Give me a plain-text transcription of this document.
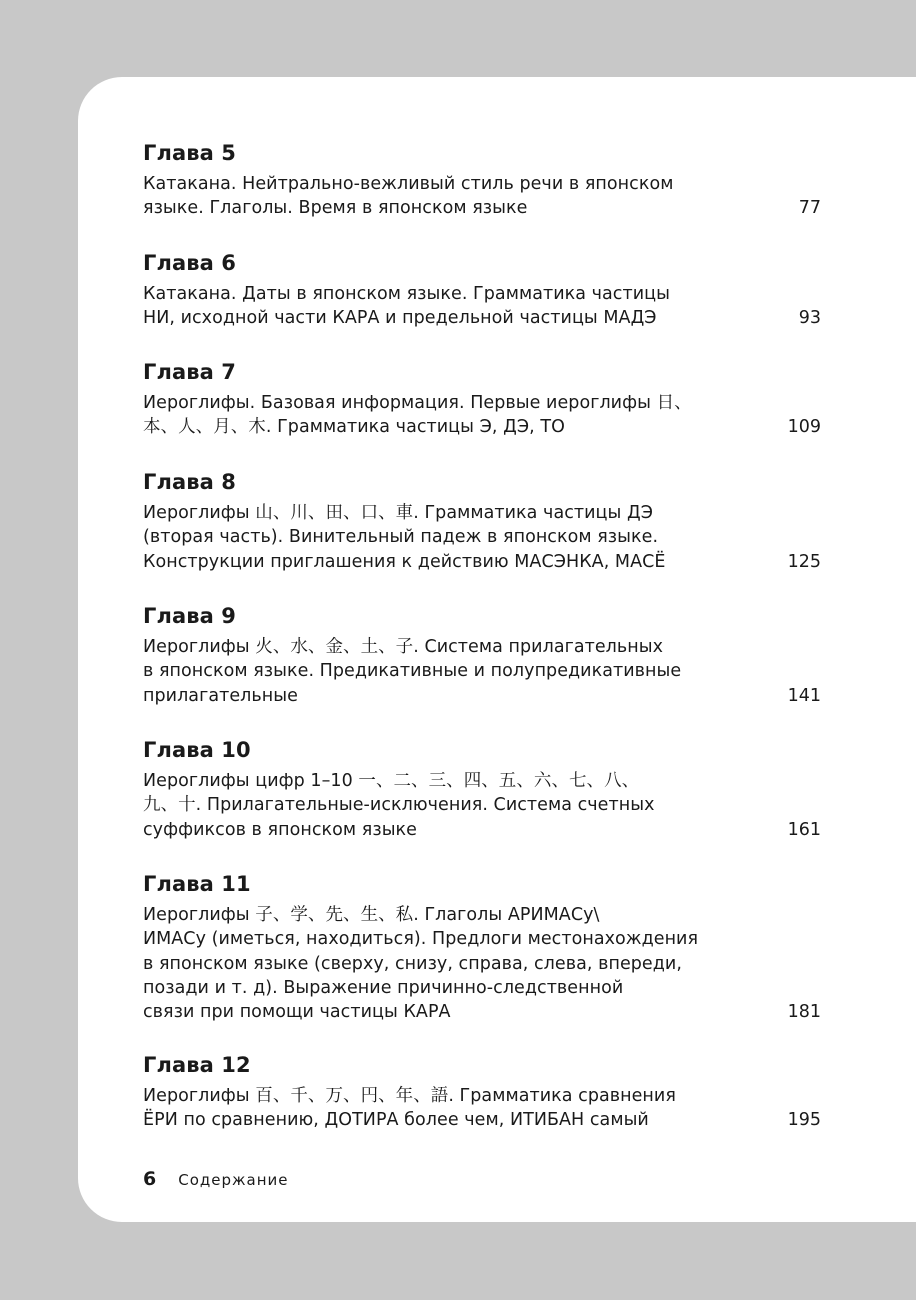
Глава 5
Катакана. Нейтрально-вежливый стиль речи в японском
языке. Глаголы. Время в японском языке	77
Глава 6
Катакана. Даты в японском языке. Грамматика частицы
НИ, исходной части КАРА и предельной частицы МАДЭ	93
Глава 7
Иероглифы. Базовая информация. Первые иероглифы 日、
本、人、月、木. Грамматика частицы Э, ДЭ, ТО	109
Глава 8
Иероглифы 山、川、田、口、車. Грамматика частицы ДЭ
(вторая часть). Винительный падеж в японском языке.
Конструкции приглашения к действию МАСЭНКА, МАСЁ	125
Глава 9
Иероглифы 火、水、金、土、子. Система прилагательных
в японском языке. Предикативные и полупредикативные
прилагательные	141
Глава 10
Иероглифы цифр 1–10 一、二、三、四、五、六、七、八、
九、十. Прилагательные-исключения. Система счетных
суффиксов в японском языке	161
Глава 11
Иероглифы 子、学、先、生、私. Глаголы АРИМАСу\
ИМАСу (иметься, находиться). Предлоги местонахождения
в японском языке (сверху, снизу, справа, слева, впереди,
позади и т. д). Выражение причинно-следственной
связи при помощи частицы КАРА	181
Глава 12
Иероглифы 百、千、万、円、年、語. Грамматика сравнения
ЁРИ по сравнению, ДОТИРА более чем, ИТИБАН самый	195
6 Содержание
